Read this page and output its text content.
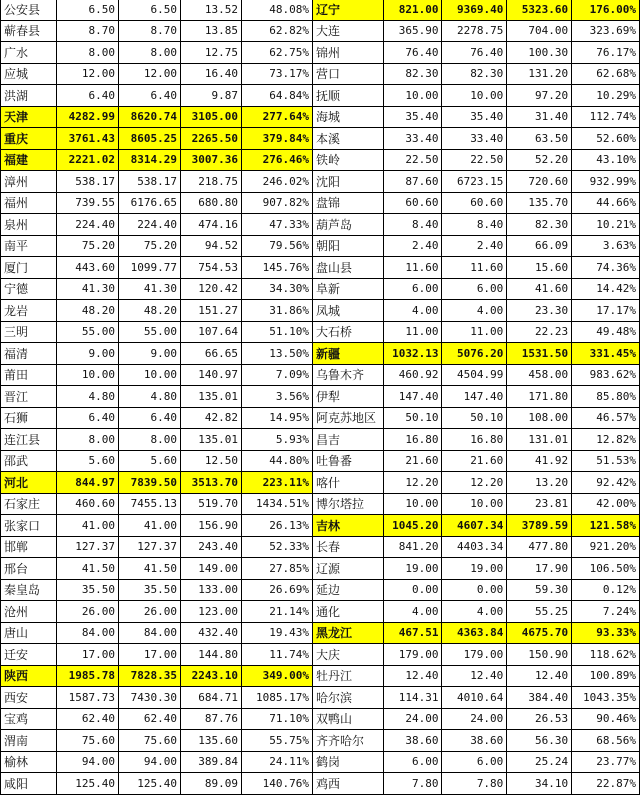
公安县	6.50	6.50	13.52	48.08%
蕲春县	8.70	8.70	13.85	62.82%
广水	8.00	8.00	12.75	62.75%
应城	12.00	12.00	16.40	73.17%
洪湖	6.40	6.40	9.87	64.84%
天津	4282.99	8620.74	3105.00	277.64%
重庆	3761.43	8605.25	2265.50	379.84%
福建	2221.02	8314.29	3007.36	276.46%
漳州	538.17	538.17	218.75	246.02%
福州	739.55	6176.65	680.80	907.82%
泉州	224.40	224.40	474.16	47.33%
南平	75.20	75.20	94.52	79.56%
厦门	443.60	1099.77	754.53	145.76%
宁德	41.30	41.30	120.42	34.30%
龙岩	48.20	48.20	151.27	31.86%
三明	55.00	55.00	107.64	51.10%
福清	9.00	9.00	66.65	13.50%
莆田	10.00	10.00	140.97	7.09%
晋江	4.80	4.80	135.01	3.56%
石狮	6.40	6.40	42.82	14.95%
连江县	8.00	8.00	135.01	5.93%
邵武	5.60	5.60	12.50	44.80%
河北	844.97	7839.50	3513.70	223.11%
石家庄	460.60	7455.13	519.70	1434.51%
张家口	41.00	41.00	156.90	26.13%
邯郸	127.37	127.37	243.40	52.33%
邢台	41.50	41.50	149.00	27.85%
秦皇岛	35.50	35.50	133.00	26.69%
沧州	26.00	26.00	123.00	21.14%
唐山	84.00	84.00	432.40	19.43%
迁安	17.00	17.00	144.80	11.74%
陕西	1985.78	7828.35	2243.10	349.00%
西安	1587.73	7430.30	684.71	1085.17%
宝鸡	62.40	62.40	87.76	71.10%
渭南	75.60	75.60	135.60	55.75%
榆林	94.00	94.00	389.84	24.11%
咸阳	125.40	125.40	89.09	140.76%
辽宁	821.00	9369.40	5323.60	176.00%
大连	365.90	2278.75	704.00	323.69%
锦州	76.40	76.40	100.30	76.17%
营口	82.30	82.30	131.20	62.68%
抚顺	10.00	10.00	97.20	10.29%
海城	35.40	35.40	31.40	112.74%
本溪	33.40	33.40	63.50	52.60%
铁岭	22.50	22.50	52.20	43.10%
沈阳	87.60	6723.15	720.60	932.99%
盘锦	60.60	60.60	135.70	44.66%
葫芦岛	8.40	8.40	82.30	10.21%
朝阳	2.40	2.40	66.09	3.63%
盘山县	11.60	11.60	15.60	74.36%
阜新	6.00	6.00	41.60	14.42%
凤城	4.00	4.00	23.30	17.17%
大石桥	11.00	11.00	22.23	49.48%
新疆	1032.13	5076.20	1531.50	331.45%
乌鲁木齐	460.92	4504.99	458.00	983.62%
伊犁	147.40	147.40	171.80	85.80%
阿克苏地区	50.10	50.10	108.00	46.57%
昌吉	16.80	16.80	131.01	12.82%
吐鲁番	21.60	21.60	41.92	51.53%
喀什	12.20	12.20	13.20	92.42%
博尔塔拉	10.00	10.00	23.81	42.00%
吉林	1045.20	4607.34	3789.59	121.58%
长春	841.20	4403.34	477.80	921.20%
辽源	19.00	19.00	17.90	106.50%
延边	0.00	0.00	59.30	0.12%
通化	4.00	4.00	55.25	7.24%
黑龙江	467.51	4363.84	4675.70	93.33%
大庆	179.00	179.00	150.90	118.62%
牡丹江	12.40	12.40	12.40	100.89%
哈尔滨	114.31	4010.64	384.40	1043.35%
双鸭山	24.00	24.00	26.53	90.46%
齐齐哈尔	38.60	38.60	56.30	68.56%
鹤岗	6.00	6.00	25.24	23.77%
鸡西	7.80	7.80	34.10	22.87%
